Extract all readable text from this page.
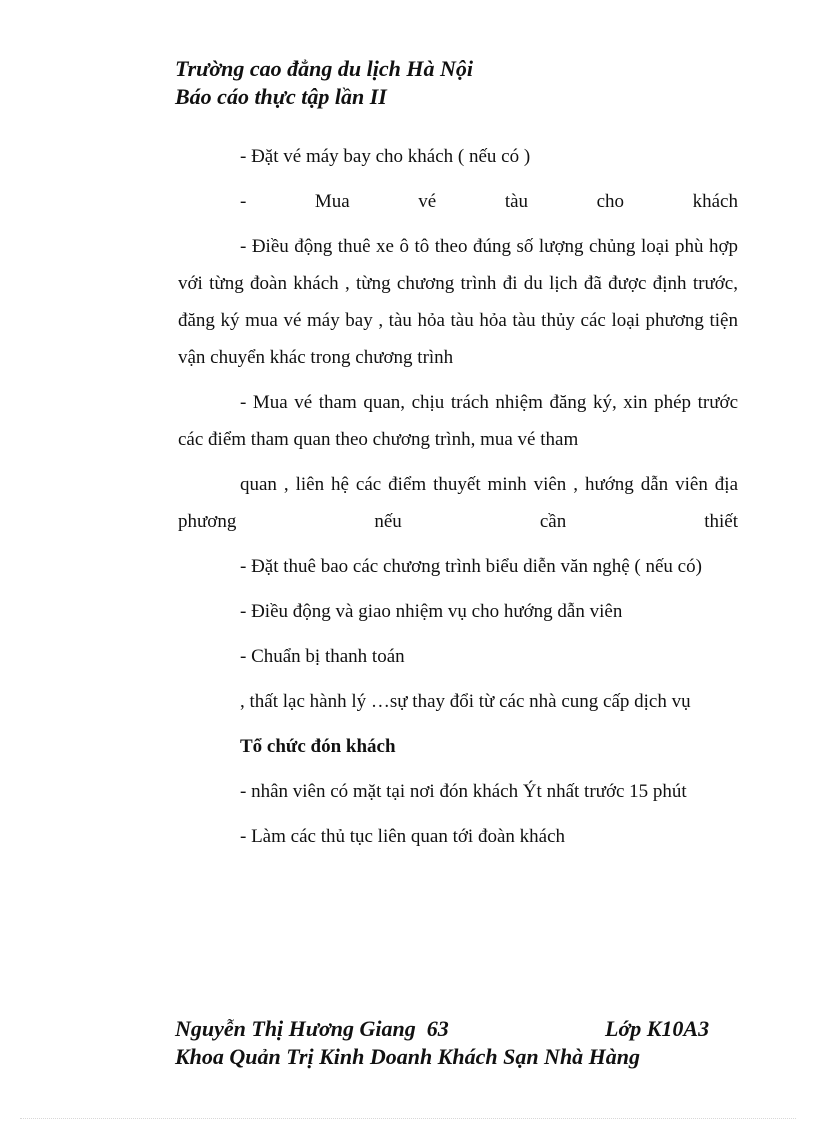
Trường cao đẳng du lịch Hà Nội
Báo cáo thực tập lần II

- Đặt vé máy bay cho khách ( nếu có )

- Mua vé tàu cho khách

- Điều động thuê xe ô tô theo đúng số lượng chủng loại phù hợp với từng đoàn khách , từng chương trình đi du lịch đã được định trước, đăng ký mua vé máy bay , tàu hỏa tàu hỏa tàu thủy các loại phương tiện vận chuyển khác trong chương trình

- Mua vé tham quan, chịu trách nhiệm đăng ký, xin phép trước các điểm tham quan theo chương trình, mua vé tham

quan , liên hệ các điểm thuyết minh viên , hướng dẫn viên địa phương nếu cần thiết

- Đặt thuê bao các chương trình biểu diễn văn nghệ ( nếu có)

- Điều động và giao nhiệm vụ cho hướng dẫn viên

- Chuẩn bị thanh toán

, thất lạc hành lý …sự thay đổi từ các nhà cung cấp dịch vụ

Tổ chức đón khách

- nhân viên có mặt tại nơi đón khách Ýt nhất trước 15 phút

- Làm các thủ tục liên quan tới đoàn khách

Nguyễn Thị Hương Giang 63	Lớp K10A3
Khoa Quản Trị Kinh Doanh Khách Sạn Nhà Hàng
